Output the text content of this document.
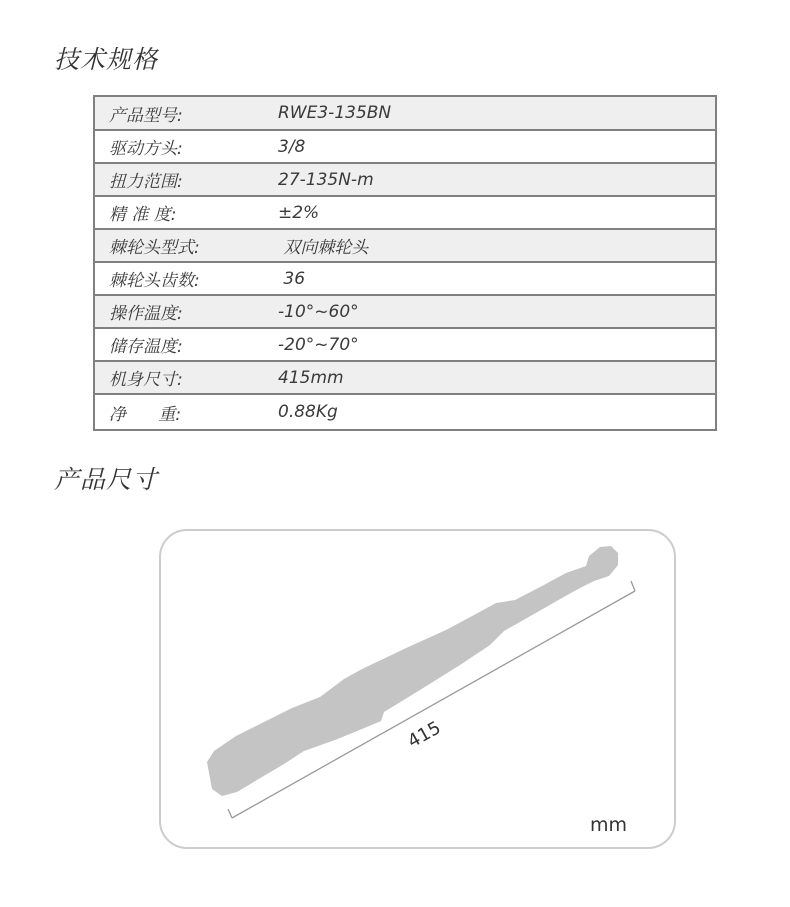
技术规格
产品型号:	RWE3-135BN
驱动方头:	3/8
扭力范围:	27-135N-m
精 准 度:	±2%
棘轮头型式:	双向棘轮头
棘轮头齿数:	36
操作温度:	-10°~60°
储存温度:	-20°~70°
机身尺寸:	415mm
净      重:	0.88Kg
产品尺寸
415
mm
